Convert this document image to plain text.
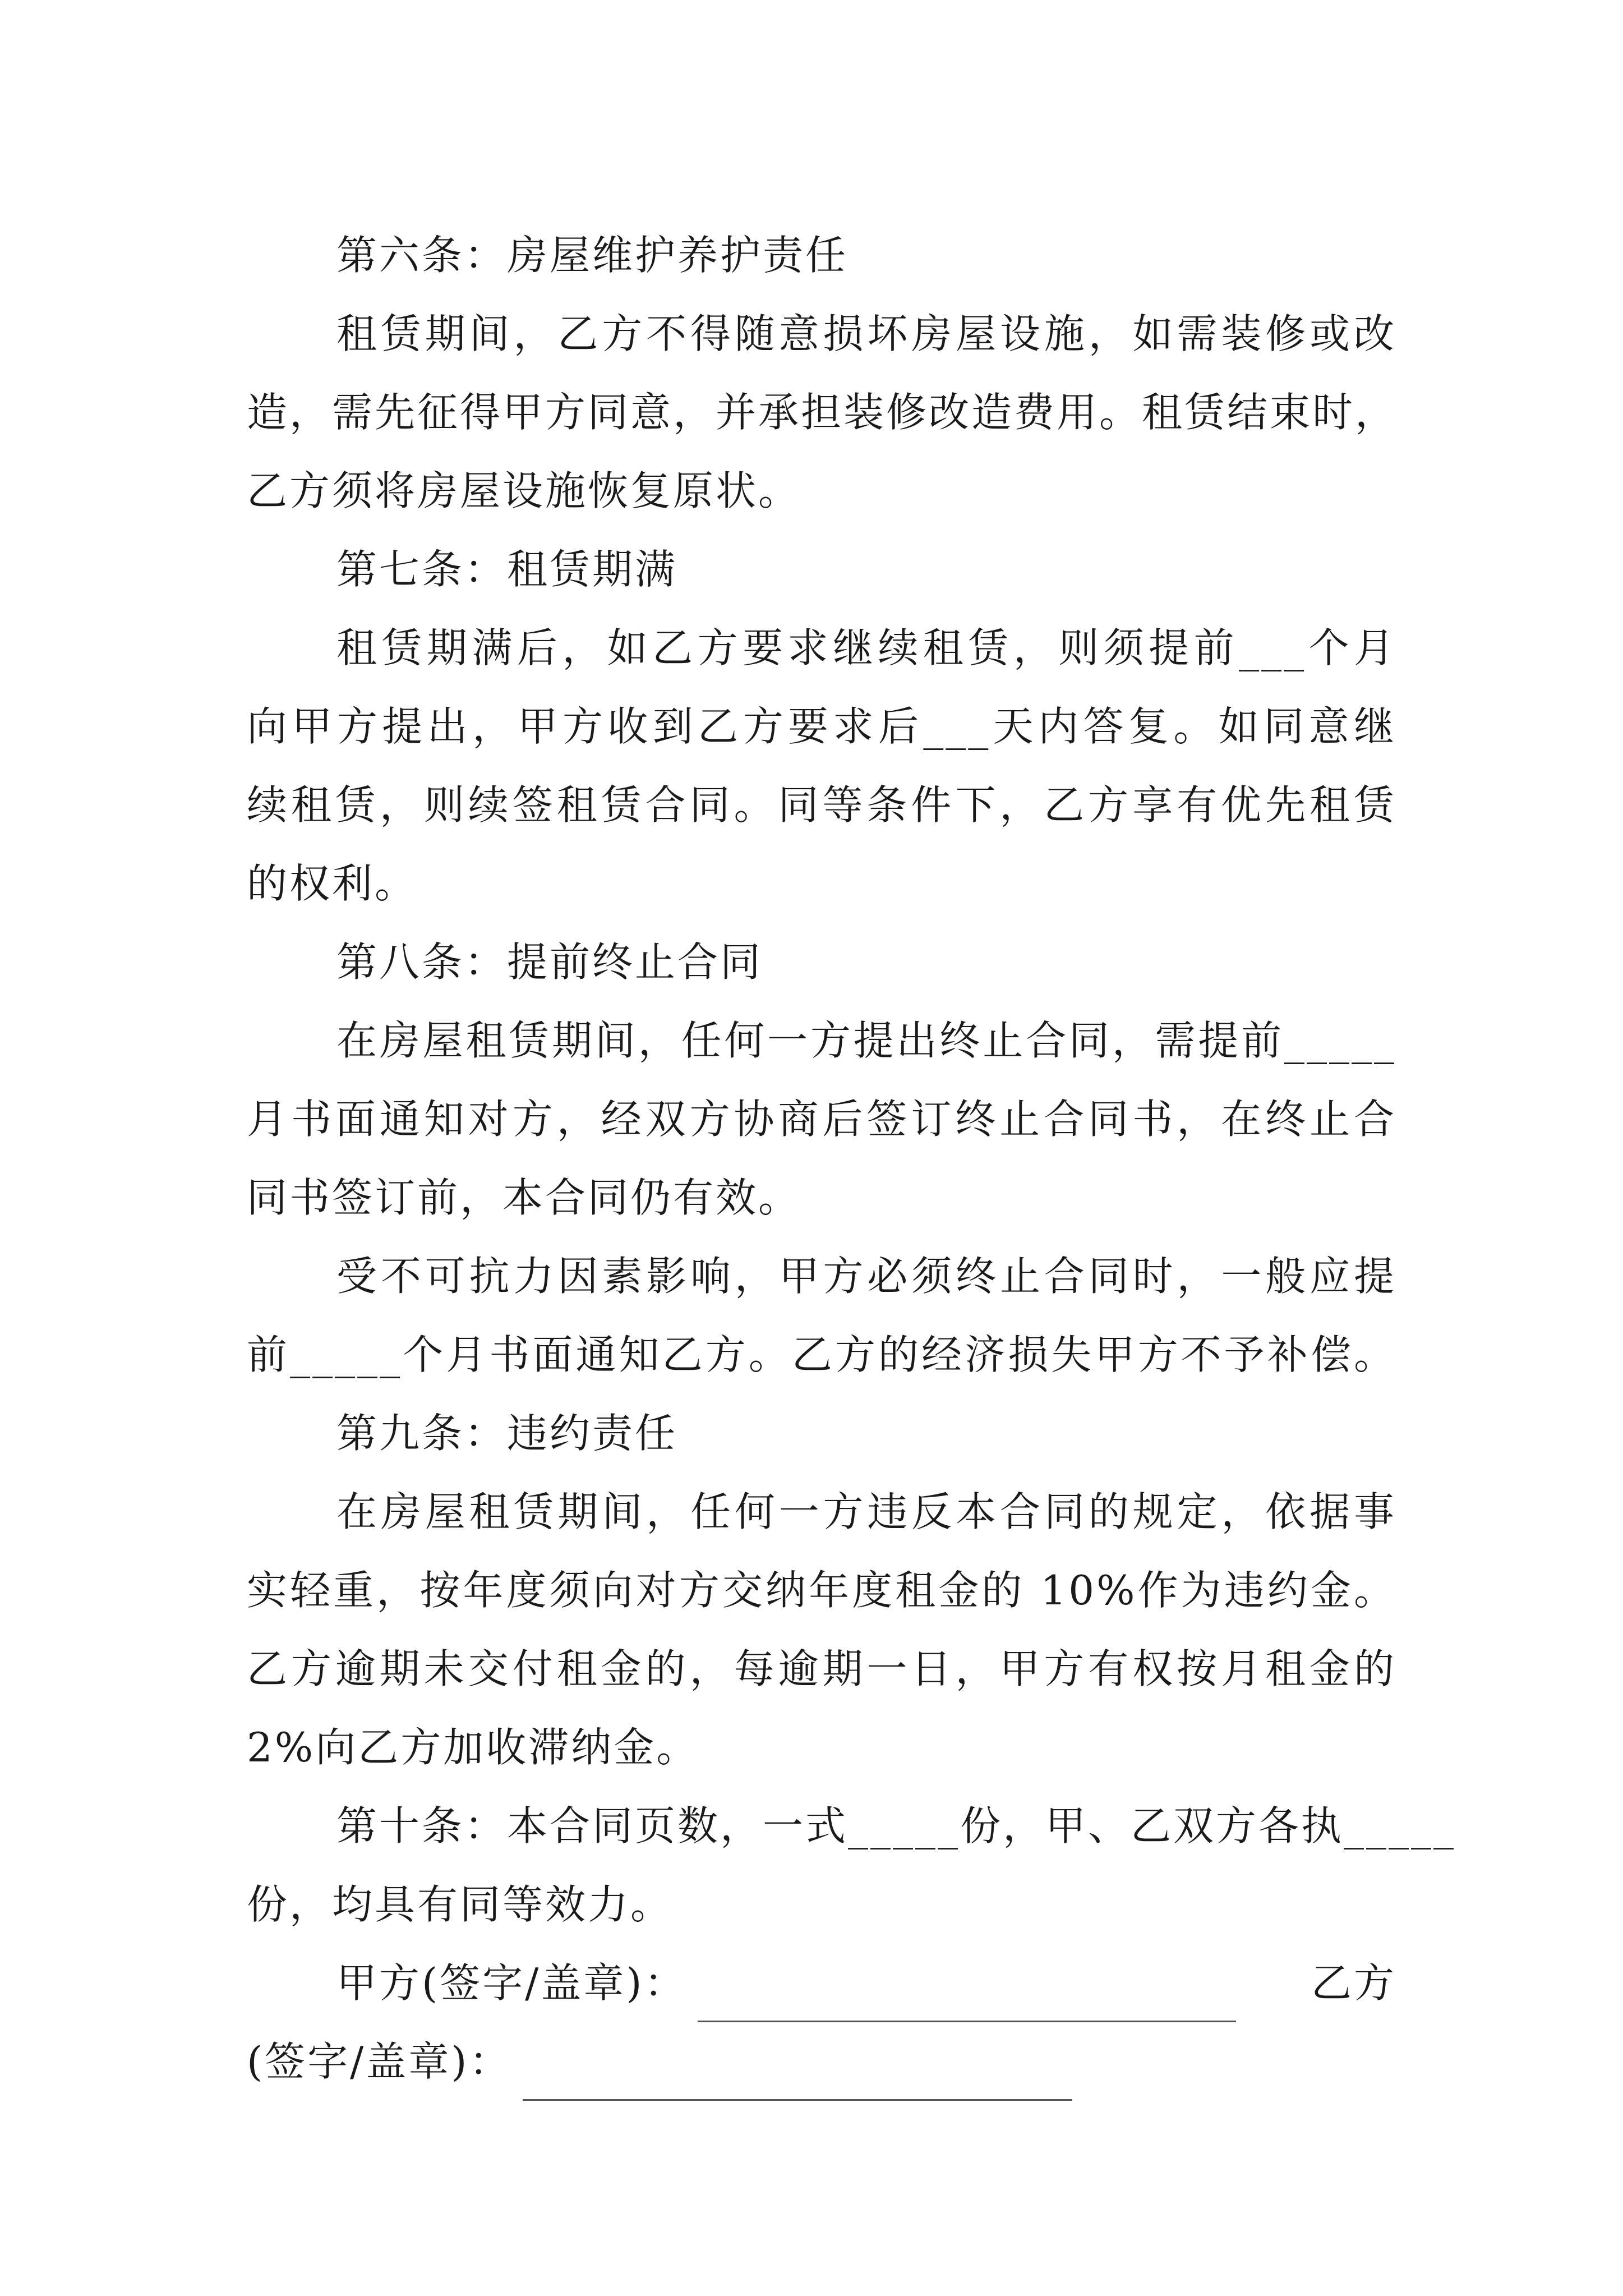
第六条：房屋维护养护责任
租赁期间，乙方不得随意损坏房屋设施，如需装修或改
造，需先征得甲方同意，并承担装修改造费用。租赁结束时，
乙方须将房屋设施恢复原状。
第七条：租赁期满
租赁期满后，如乙方要求继续租赁，则须提前___个月
向甲方提出，甲方收到乙方要求后___天内答复。如同意继
续租赁，则续签租赁合同。同等条件下，乙方享有优先租赁
的权利。
第八条：提前终止合同
在房屋租赁期间，任何一方提出终止合同，需提前_____
月书面通知对方，经双方协商后签订终止合同书，在终止合
同书签订前，本合同仍有效。
受不可抗力因素影响，甲方必须终止合同时，一般应提
前_____个月书面通知乙方。乙方的经济损失甲方不予补偿。
第九条：违约责任
在房屋租赁期间，任何一方违反本合同的规定，依据事
实轻重，按年度须向对方交纳年度租金的 10%作为违约金。
乙方逾期未交付租金的，每逾期一日，甲方有权按月租金的
2%向乙方加收滞纳金。
第十条：本合同页数，一式_____份，甲、乙双方各执_____
份，均具有同等效力。
甲方(签字/盖章)：	乙方
(签字/盖章)：
